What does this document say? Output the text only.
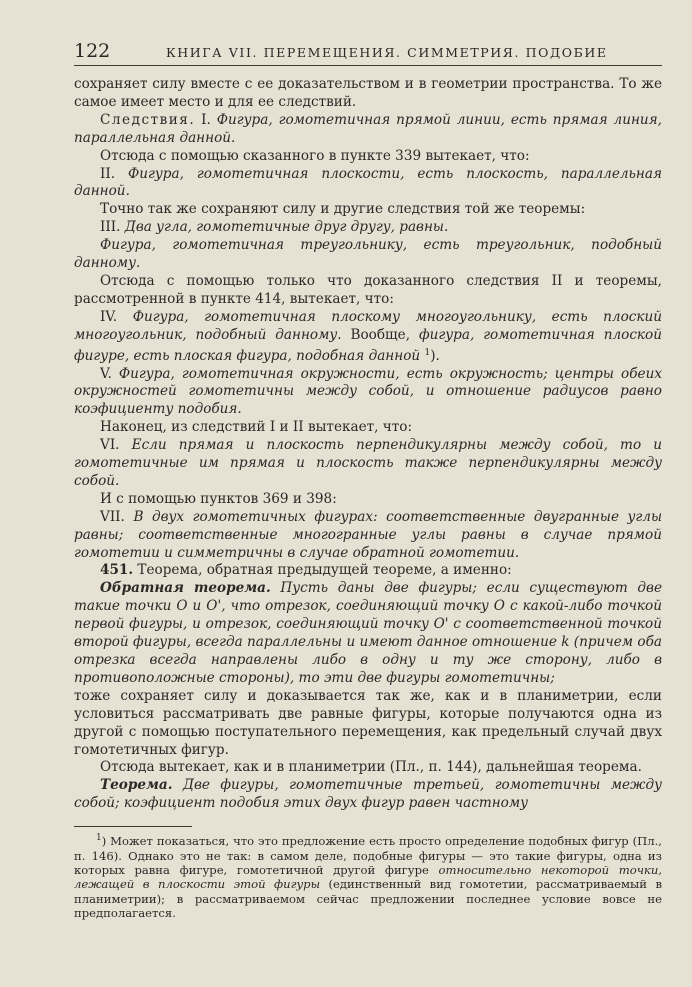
122	КНИГА VII. ПЕРЕМЕЩЕНИЯ. СИММЕТРИЯ. ПОДОБИЕ

сохраняет силу вместе с ее доказательством и в геометрии пространства. То же самое имеет место и для ее следствий.

Следствия. I. Фигура, гомотетичная прямой линии, есть прямая линия, параллельная данной.

Отсюда с помощью сказанного в пункте 339 вытекает, что:

II. Фигура, гомотетичная плоскости, есть плоскость, параллельная данной.

Точно так же сохраняют силу и другие следствия той же теоремы:

III. Два угла, гомотетичные друг другу, равны.

Фигура, гомотетичная треугольнику, есть треугольник, подобный данному.

Отсюда с помощью только что доказанного следствия II и теоремы, рассмотренной в пункте 414, вытекает, что:

IV. Фигура, гомотетичная плоскому многоугольнику, есть плоский многоугольник, подобный данному. Вообще, фигура, гомотетичная плоской фигуре, есть плоская фигура, подобная данной $^1$).

V. Фигура, гомотетичная окружности, есть окружность; центры обеих окружностей гомотетичны между собой, и отношение радиусов равно коэфициенту подобия.

Наконец, из следствий I и II вытекает, что:

VI. Если прямая и плоскость перпендикулярны между собой, то и гомотетичные им прямая и плоскость также перпендикулярны между собой.

И с помощью пунктов 369 и 398:

VII. В двух гомотетичных фигурах: соответственные двугранные углы равны; соответственные многогранные углы равны в случае прямой гомотетии и симметричны в случае обратной гомотетии.

451. Теорема, обратная предыдущей теореме, а именно:

Обратная теорема. Пусть даны две фигуры; если существуют две такие точки O и O', что отрезок, соединяющий точку O с какой-либо точкой первой фигуры, и отрезок, соединяющий точку O' с соответственной точкой второй фигуры, всегда параллельны и имеют данное отношение k (причем оба отрезка всегда направлены либо в одну и ту же сторону, либо в противоположные стороны), то эти две фигуры гомотетичны;

тоже сохраняет силу и доказывается так же, как и в планиметрии, если условиться рассматривать две равные фигуры, которые получаются одна из другой с помощью поступательного перемещения, как предельный случай двух гомотетичных фигур.

Отсюда вытекает, как и в планиметрии (Пл., п. 144), дальнейшая теорема.

Теорема. Две фигуры, гомотетичные третьей, гомотетичны между собой; коэфициент подобия этих двух фигур равен частному

$^1$) Может показаться, что это предложение есть просто определение подобных фигур (Пл., п. 146). Однако это не так: в самом деле, подобные фигуры — это такие фигуры, одна из которых равна фигуре, гомотетичной другой фигуре относительно некоторой точки, лежащей в плоскости этой фигуры (единственный вид гомотетии, рассматриваемый в планиметрии); в рассматриваемом сейчас предложении последнее условие вовсе не предполагается.
